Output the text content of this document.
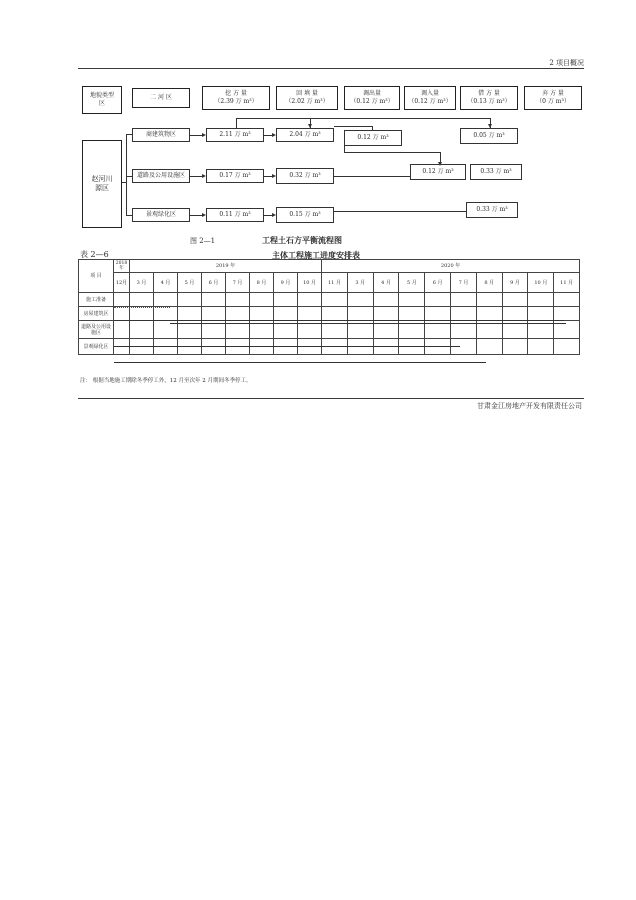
2 项目概况
地貌类型区
二 河 区
挖 方 量
（2.39 万 m³）
回 填 量
（2.02 万 m³）
调出量
（0.12 万 m³）
调入量
（0.12 万 m³）
借 方 量
（0.13 万 m³）
弃 方 量
（0 万 m³）
赵河川
源区
商建筑物区
道路及公用设施区
景观绿化区
2.11 万 m³	2.04 万 m³	0.12 万 m³	0.05 万 m³
0.17 万 m³	0.32 万 m³
0.12 万 m³	0.33 万 m³
0.11 万 m³	0.15 万 m³
0.33 万 m³
图 2—1	工程土石方平衡流程图
表 2—6	主体工程施工进度安排表
项 目	2018年	2019 年								2020 年									
	12月	3 月	4 月	5 月	6 月	7 月	8 月	9 月	10 月	11 月	3 月	4 月	5 月	6 月	7 月	8 月	9 月	10 月	11 月
施工准备																			
房屋建筑区																			
道路及公用设施区																			
景观绿化区																			
注： 根据当地施工期除冬季停工外，12 月至次年 2 月期间冬季停工。
甘肃金江房地产开发有限责任公司
